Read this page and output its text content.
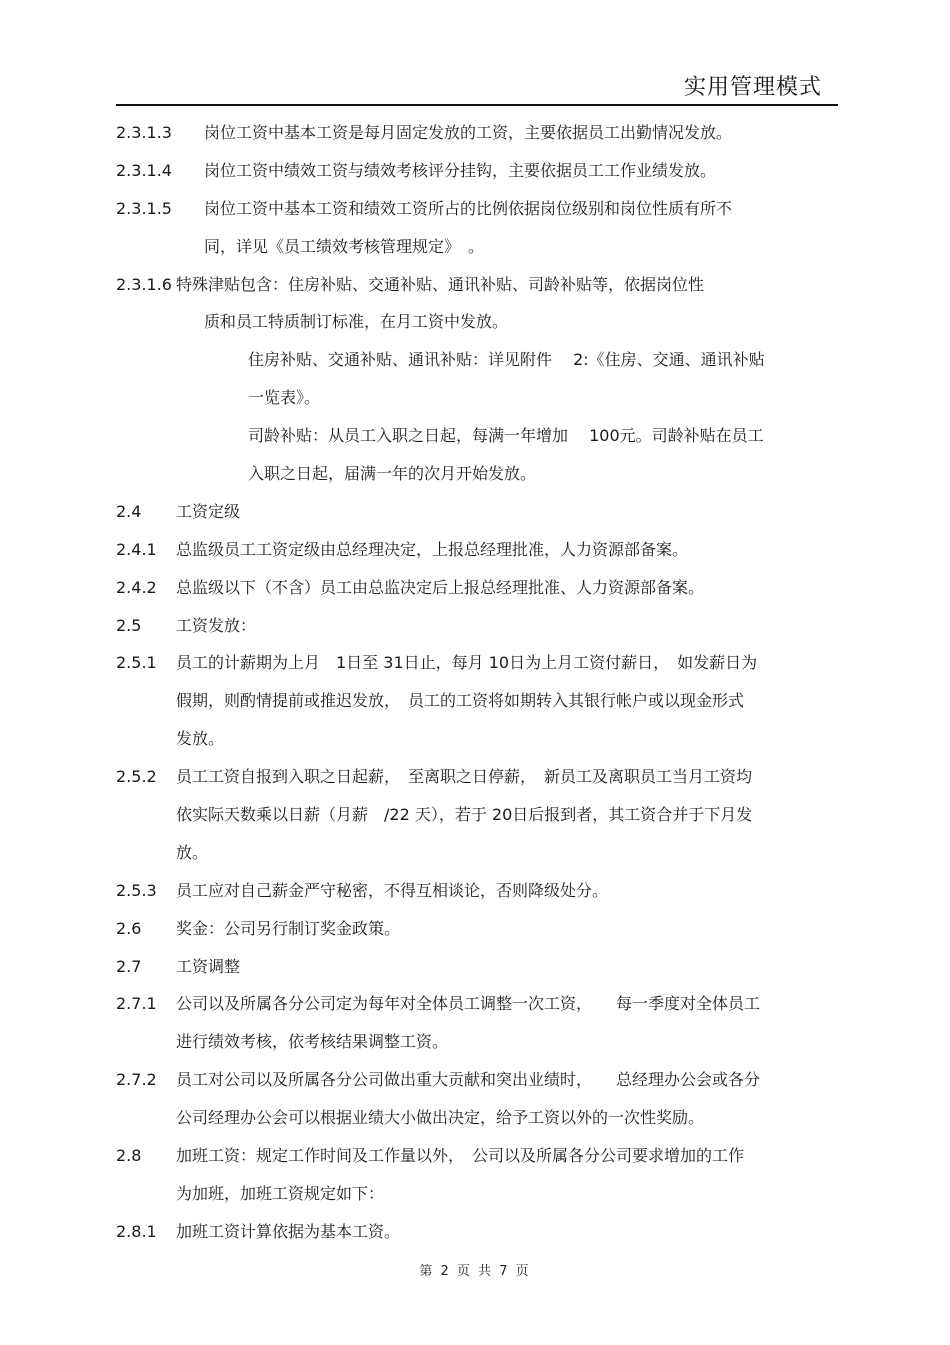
实用管理模式
2.3.1.3 岗位工资中基本工资是每月固定发放的工资，主要依据员工出勤情况发放。
2.3.1.4 岗位工资中绩效工资与绩效考核评分挂钩，主要依据员工工作业绩发放。
2.3.1.5 岗位工资中基本工资和绩效工资所占的比例依据岗位级别和岗位性质有所不
同，详见《员工绩效考核管理规定》　。
2.3.1.6 特殊津贴包含：住房补贴、交通补贴、通讯补贴、司龄补贴等，依据岗位性
质和员工特质制订标准，在月工资中发放。
住房补贴、交通补贴、通讯补贴：详见附件　 2:《住房、交通、通讯补贴
一览表》。
司龄补贴：从员工入职之日起，每满一年增加　 100元。司龄补贴在员工
入职之日起，届满一年的次月开始发放。
2.4 工资定级
2.4.1 总监级员工工资定级由总经理决定，上报总经理批准，人力资源部备案。
2.4.2 总监级以下（不含）员工由总监决定后上报总经理批准、人力资源部备案。
2.5 工资发放：
2.5.1 员工的计薪期为上月　1日至 31日止，每月 10日为上月工资付薪日，　如发薪日为
假期，则酌情提前或推迟发放，　员工的工资将如期转入其银行帐户或以现金形式
发放。
2.5.2 员工工资自报到入职之日起薪，　至离职之日停薪，　新员工及离职员工当月工资均
依实际天数乘以日薪（月薪　/22 天），若于 20日后报到者，其工资合并于下月发
放。
2.5.3 员工应对自己薪金严守秘密，不得互相谈论，否则降级处分。
2.6 奖金：公司另行制订奖金政策。
2.7 工资调整
2.7.1 公司以及所属各分公司定为每年对全体员工调整一次工资，　　每一季度对全体员工
进行绩效考核，依考核结果调整工资。
2.7.2 员工对公司以及所属各分公司做出重大贡献和突出业绩时，　　总经理办公会或各分
公司经理办公会可以根据业绩大小做出决定，给予工资以外的一次性奖励。
2.8 加班工资：规定工作时间及工作量以外，　公司以及所属各分公司要求增加的工作
为加班，加班工资规定如下：
2.8.1 加班工资计算依据为基本工资。
第 2 页 共 7 页
